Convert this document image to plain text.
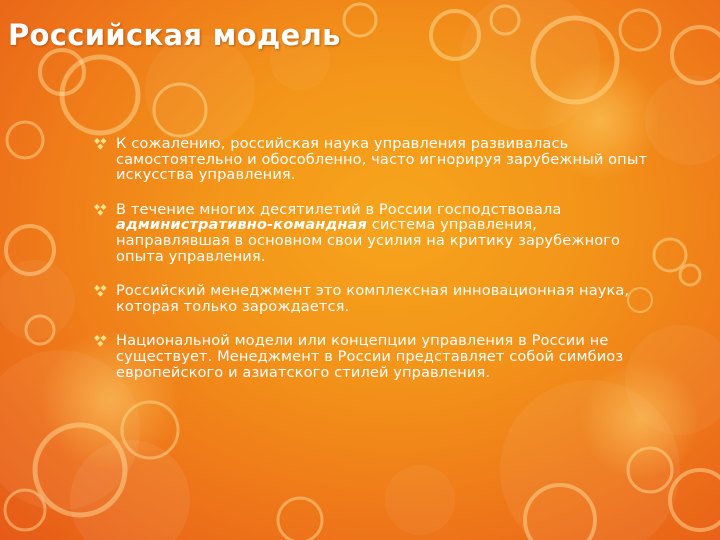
Российская модель
К сожалению, российская наука управления развивалась самостоятельно и обособленно, часто игнорируя зарубежный опыт искусства управления.
В течение многих десятилетий в России господствовала административно-командная система управления, направлявшая в основном свои усилия на критику зарубежного опыта управления.
Российский менеджмент это комплексная инновационная наука, которая только зарождается.
Национальной модели или концепции управления в России не существует. Менеджмент в России представляет собой симбиоз европейского и азиатского стилей управления.
